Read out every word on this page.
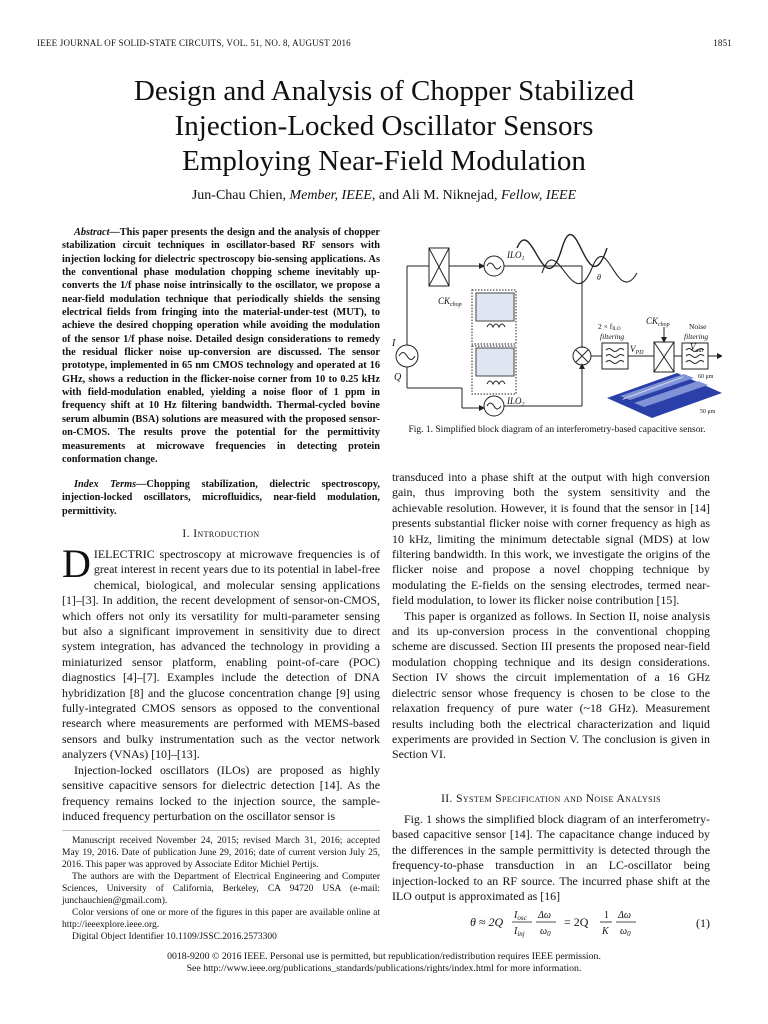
IEEE JOURNAL OF SOLID-STATE CIRCUITS, VOL. 51, NO. 8, AUGUST 2016	1851
Design and Analysis of Chopper Stabilized
Injection-Locked Oscillator Sensors
Employing Near-Field Modulation
Jun-Chau Chien, Member, IEEE, and Ali M. Niknejad, Fellow, IEEE
Abstract—This paper presents the design and the analysis of chopper stabilization circuit techniques in oscillator-based RF sensors with injection locking for dielectric spectroscopy bio-sensing applications. As the conventional phase modulation chopping scheme inevitably up-converts the 1/f phase noise intrinsically to the oscillator, we propose a near-field modulation technique that periodically shields the sensing electrical fields from fringing into the material-under-test (MUT), to achieve the desired chopping operation while avoiding the modulation of the sensor 1/f phase noise. Detailed design considerations to remedy the residual flicker noise up-conversion are discussed. The sensor prototype, implemented in 65 nm CMOS technology and operated at 16 GHz, shows a reduction in the flicker-noise corner from 10 to 0.25 kHz with field-modulation enabled, yielding a noise floor of 1 ppm in frequency shift at 10 Hz filtering bandwidth. Thermal-cycled bovine serum albumin (BSA) solutions are measured with the proposed sensor-on-CMOS. The results prove the potential for the permittivity measurements at microwave frequencies in detecting protein conformation change.
Index Terms—Chopping stabilization, dielectric spectroscopy, injection-locked oscillators, microfluidics, near-field modulation, permittivity.
I. Introduction

DIELECTRIC spectroscopy at microwave frequencies is of great interest in recent years due to its potential in label-free chemical, biological, and molecular sensing applications [1]–[3]. In addition, the recent development of sensor-on-CMOS, which offers not only its versatility for multi-parameter sensing but also a significant improvement in sensitivity due to direct system integration, has advanced the technology in providing a miniaturized sensor platform, enabling point-of-care (POC) diagnostics [4]–[7]. Examples include the detection of DNA hybridization [8] and the glucose concentration change [9] using fully-integrated CMOS sensors as opposed to the conventional research where measurements are performed with MEMS-based sensors and bulky instrumentation such as the vector network analyzers (VNAs) [10]–[13].

Injection-locked oscillators (ILOs) are proposed as highly sensitive capacitive sensors for dielectric detection [14]. As the frequency remains locked to the injection source, the sample-induced frequency perturbation on the oscillator sensor is

Manuscript received November 24, 2015; revised March 31, 2016; accepted May 19, 2016. Date of publication June 29, 2016; date of current version July 25, 2016. This paper was approved by Associate Editor Michiel Pertijs.

The authors are with the Department of Electrical Engineering and Computer Sciences, University of California, Berkeley, CA 94720 USA (e-mail: junchauchien@gmail.com).

Color versions of one or more of the figures in this paper are available online at http://ieeexplore.ieee.org.

Digital Object Identifier 10.1109/JSSC.2016.2573300

I
Q
$CK_{chop}$
$ILO_1$
$ILO_2$
θ
$CK_{chop}$
2 × fILO
filtering
$V_{PD}$
Noise
filtering
$V_{out}$
60 μm
50 μm
Fig. 1. Simplified block diagram of an interferometry-based capacitive sensor.

transduced into a phase shift at the output with high conversion gain, thus improving both the system sensitivity and the achievable resolution. However, it is found that the sensor in [14] presents substantial flicker noise with corner frequency as high as 10 kHz, limiting the minimum detectable signal (MDS) at low filtering bandwidth. In this work, we investigate the origins of the flicker noise and propose a novel chopping technique by modulating the E-fields on the sensing electrodes, termed near-field modulation, to lower its flicker noise contribution [15].

This paper is organized as follows. In Section II, noise analysis and its up-conversion process in the conventional chopping scheme are discussed. Section III presents the proposed near-field modulation chopping technique and its design considerations. Section IV shows the circuit implementation of a 16 GHz dielectric sensor whose frequency is chosen to be close to the relaxation frequency of pure water (~18 GHz). Measurement results including both the electrical characterization and liquid experiments are provided in Section V. The conclusion is given in Section VI.

II. System Specification and Noise Analysis

Fig. 1 shows the simplified block diagram of an interferometry-based capacitive sensor [14]. The capacitance change induced by the differences in the sample permittivity is detected through the frequency-to-phase transduction in an LC-oscillator being injection-locked to an RF source. The incurred phase shift at the ILO output is approximated as [16]

θ ≈ 2Q $I_{osc}$
$I_{inj}$
Δω
$\omega_0$
= 2Q 1
K
Δω
$\omega_0$
(1)
0018-9200 © 2016 IEEE. Personal use is permitted, but republication/redistribution requires IEEE permission.
See http://www.ieee.org/publications_standards/publications/rights/index.html for more information.
